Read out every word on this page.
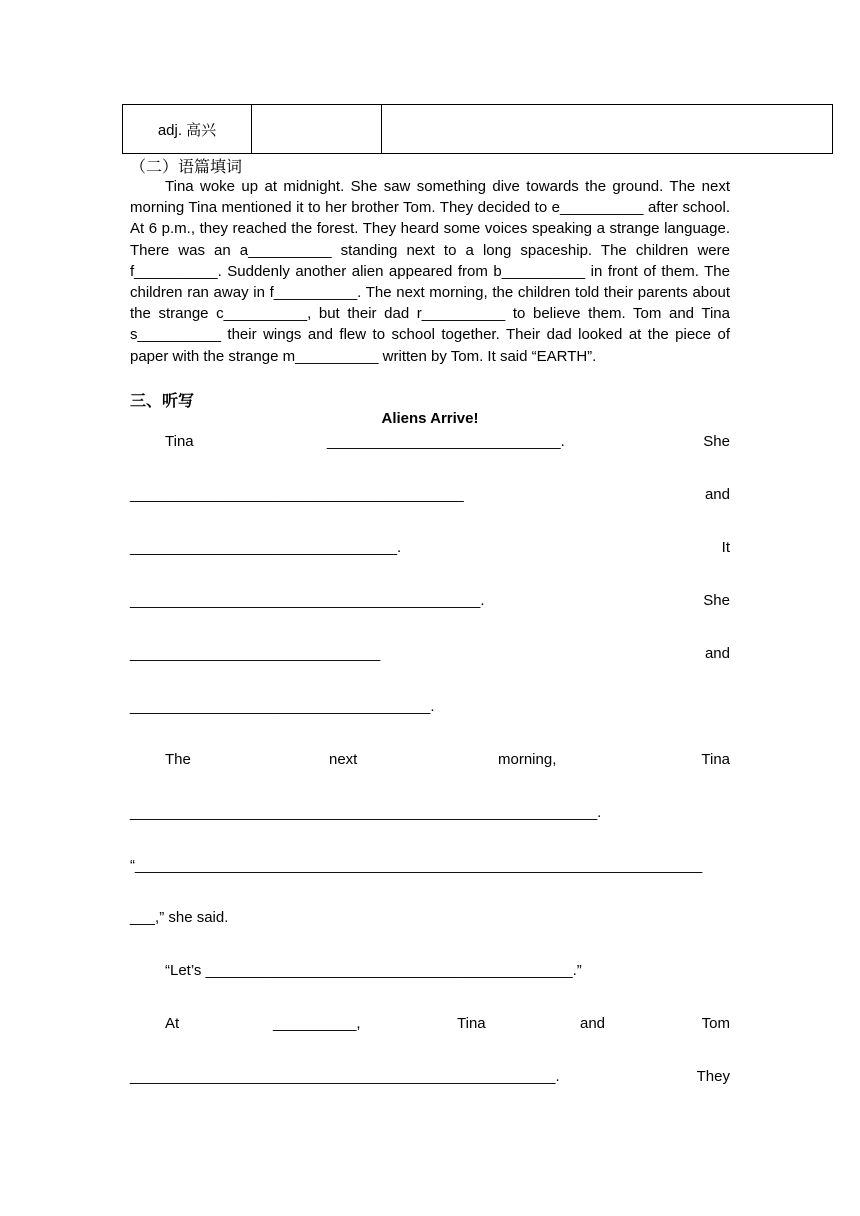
adj. 高兴		
（二）语篇填词
Tina woke up at midnight. She saw something dive towards the ground. The next morning Tina mentioned it to her brother Tom. They decided to e__________ after school. At 6 p.m., they reached the forest. They heard some voices speaking a strange language. There was an a__________ standing next to a long spaceship. The children were f__________. Suddenly another alien appeared from b__________ in front of them. The children ran away in f__________. The next morning, the children told their parents about the strange c__________, but their dad r__________ to believe them. Tom and Tina s__________ their wings and flew to school together. Their dad looked at the piece of paper with the strange m__________ written by Tom. It said “EARTH”.
三、听写
Aliens Arrive!

Tina

	____________________________.

	She

________________________________________

	and

________________________________.

	It

__________________________________________.

	She

______________________________

	and

____________________________________.

The

	next

	morning,

	Tina

________________________________________________________.

“____________________________________________________________________

___,” she said.

“Let’s ____________________________________________.”

At

	__________,

	Tina

	and

	Tom

___________________________________________________.

	They
